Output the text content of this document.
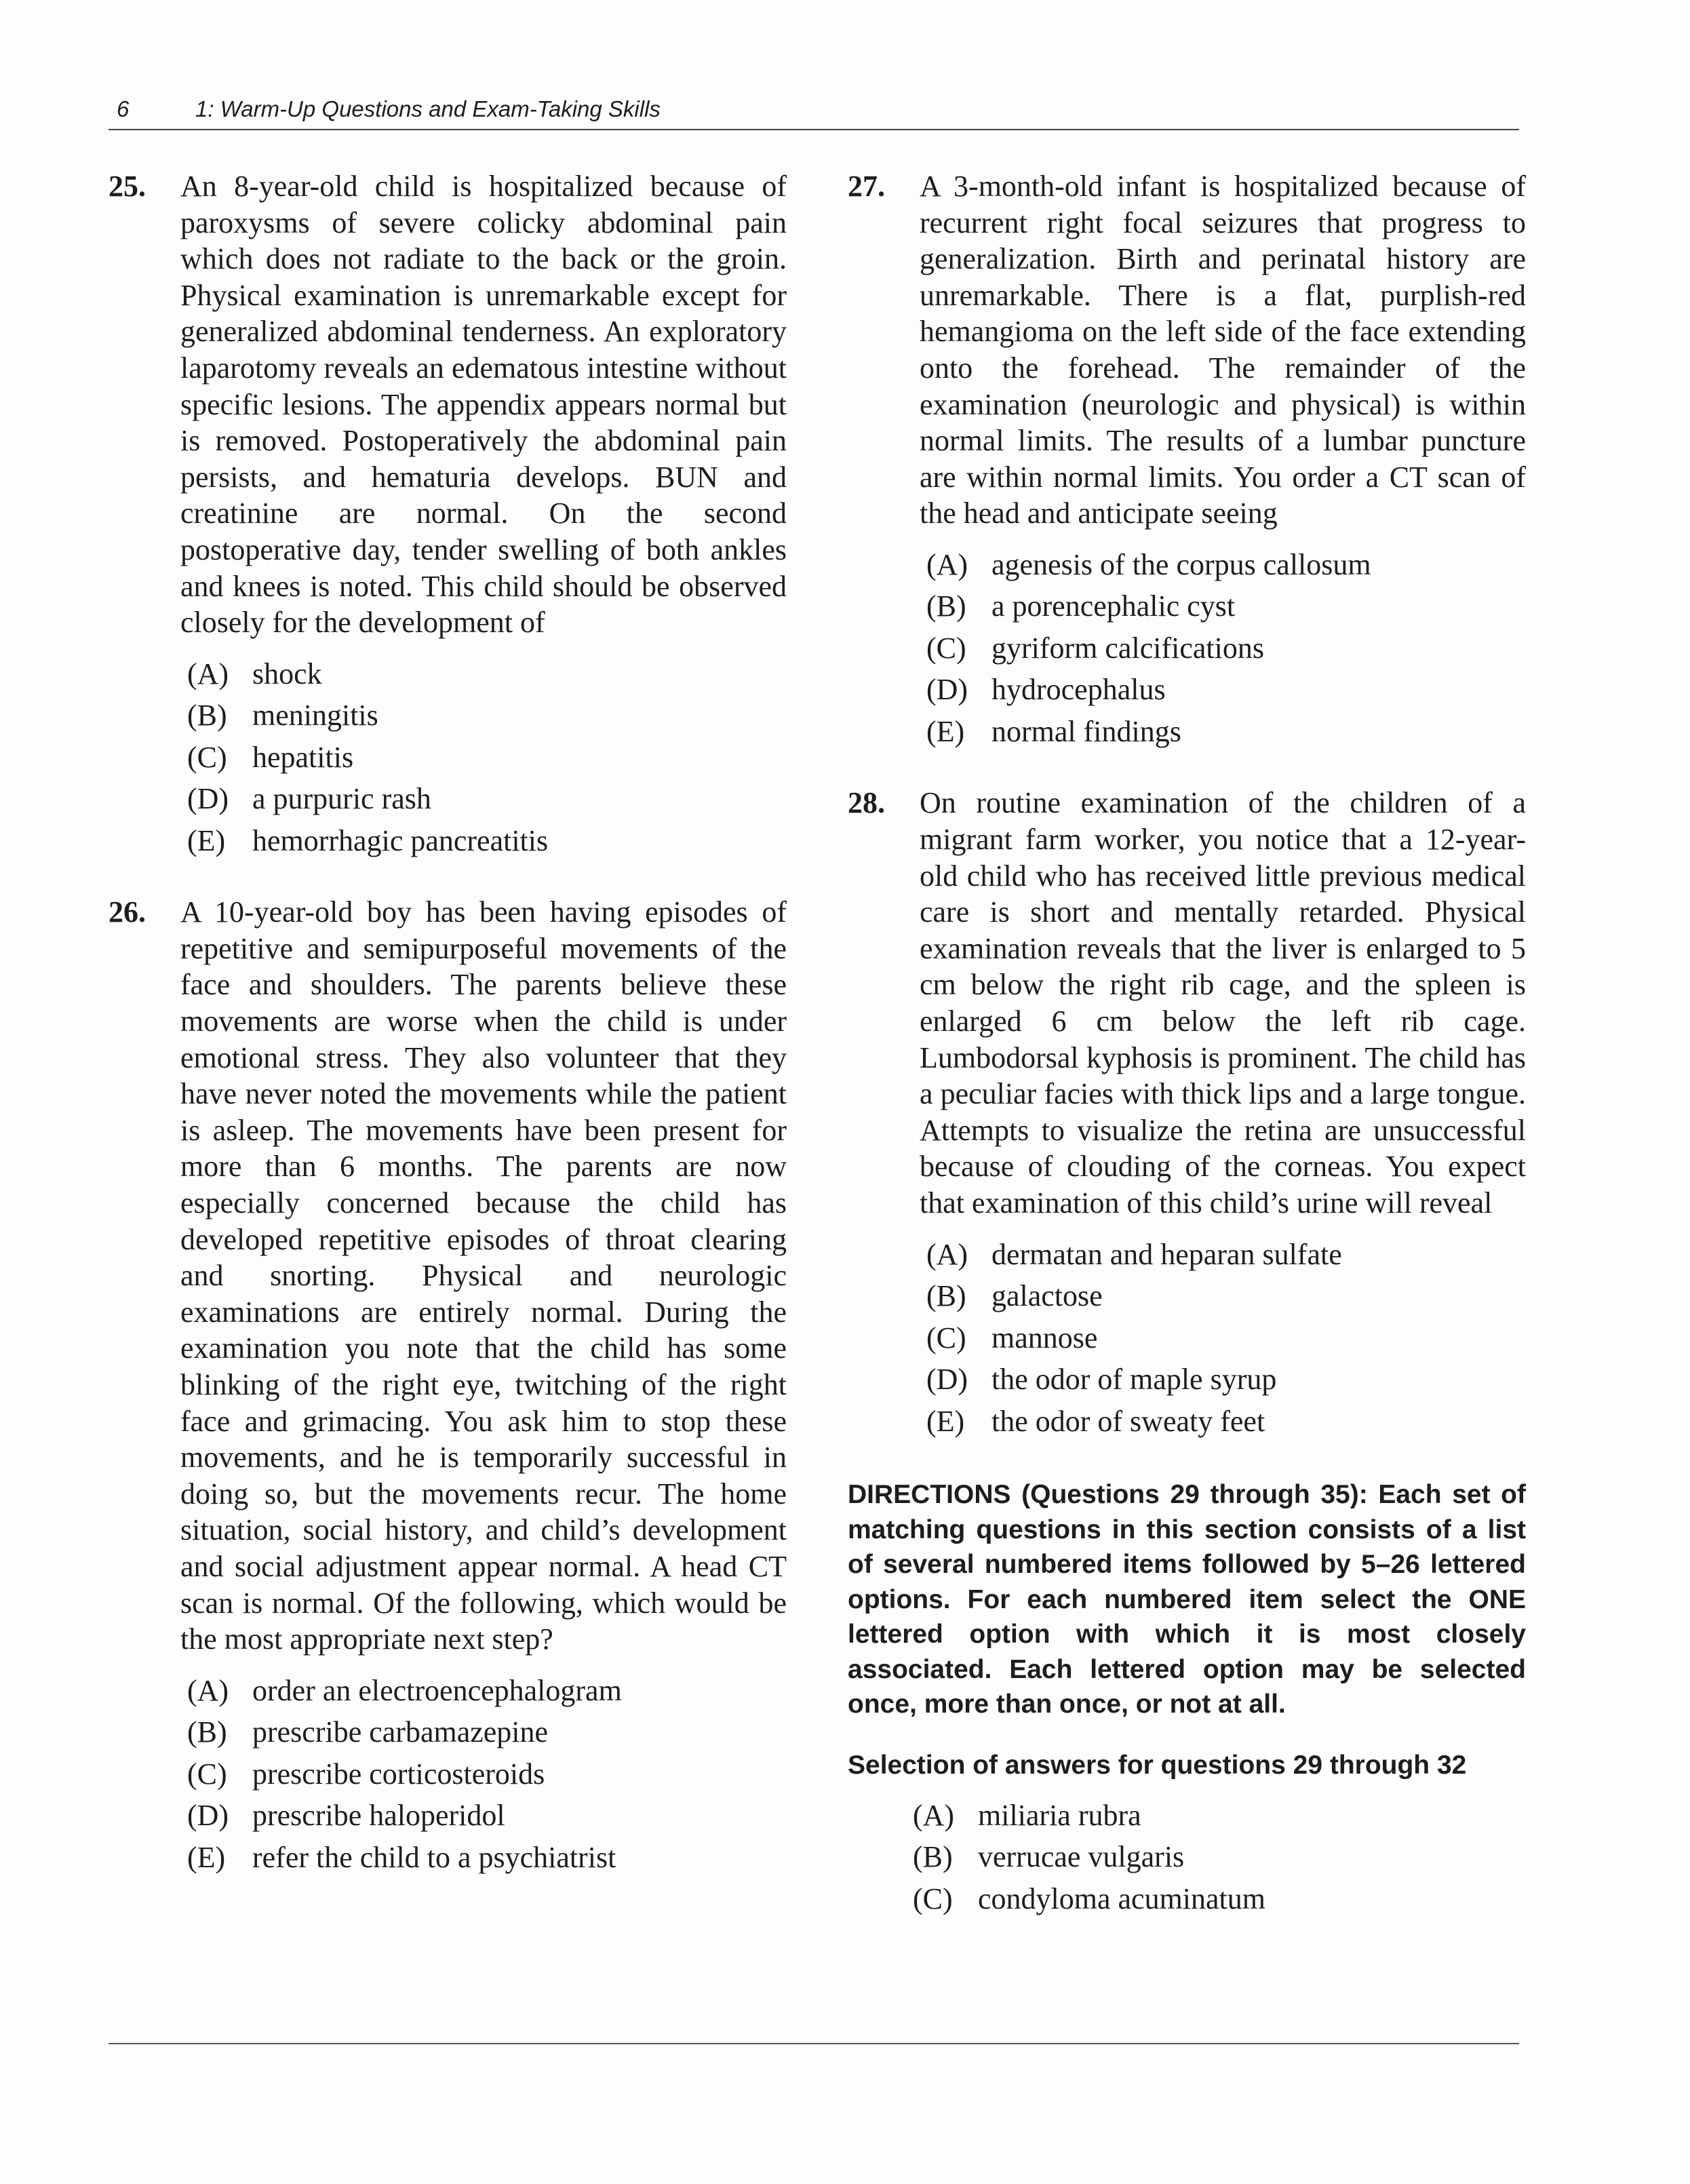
6	1: Warm-Up Questions and Exam-Taking Skills
25.	An 8-year-old child is hospitalized because of paroxysms of severe colicky abdominal pain which does not radiate to the back or the groin. Physical examination is unremarkable except for generalized abdominal tenderness. An exploratory laparotomy reveals an edematous intestine without specific lesions. The appendix appears normal but is removed. Postoperatively the abdominal pain persists, and hematuria develops. BUN and creatinine are normal. On the second postoperative day, tender swelling of both ankles and knees is noted. This child should be observed closely for the development of
(A) shock
(B) meningitis
(C) hepatitis
(D) a purpuric rash
(E) hemorrhagic pancreatitis
26.	A 10-year-old boy has been having episodes of repetitive and semipurposeful movements of the face and shoulders. The parents believe these movements are worse when the child is under emotional stress. They also volunteer that they have never noted the movements while the patient is asleep. The movements have been present for more than 6 months. The parents are now especially concerned because the child has developed repetitive episodes of throat clearing and snorting. Physical and neurologic examinations are entirely normal. During the examination you note that the child has some blinking of the right eye, twitching of the right face and grimacing. You ask him to stop these movements, and he is temporarily successful in doing so, but the movements recur. The home situation, social history, and child’s development and social adjustment appear normal. A head CT scan is normal. Of the following, which would be the most appropriate next step?
(A) order an electroencephalogram
(B) prescribe carbamazepine
(C) prescribe corticosteroids
(D) prescribe haloperidol
(E) refer the child to a psychiatrist
27.	A 3-month-old infant is hospitalized because of recurrent right focal seizures that progress to generalization. Birth and perinatal history are unremarkable. There is a flat, purplish-red hemangioma on the left side of the face extending onto the forehead. The remainder of the examination (neurologic and physical) is within normal limits. The results of a lumbar puncture are within normal limits. You order a CT scan of the head and anticipate seeing
(A) agenesis of the corpus callosum
(B) a porencephalic cyst
(C) gyriform calcifications
(D) hydrocephalus
(E) normal findings
28.	On routine examination of the children of a migrant farm worker, you notice that a 12-year-old child who has received little previous medical care is short and mentally retarded. Physical examination reveals that the liver is enlarged to 5 cm below the right rib cage, and the spleen is enlarged 6 cm below the left rib cage. Lumbodorsal kyphosis is prominent. The child has a peculiar facies with thick lips and a large tongue. Attempts to visualize the retina are unsuccessful because of clouding of the corneas. You expect that examination of this child’s urine will reveal
(A) dermatan and heparan sulfate
(B) galactose
(C) mannose
(D) the odor of maple syrup
(E) the odor of sweaty feet
DIRECTIONS (Questions 29 through 35): Each set of matching questions in this section consists of a list of several numbered items followed by 5–26 lettered options. For each numbered item select the ONE lettered option with which it is most closely associated. Each lettered option may be selected once, more than once, or not at all.
Selection of answers for questions 29 through 32
(A) miliaria rubra
(B) verrucae vulgaris
(C) condyloma acuminatum
